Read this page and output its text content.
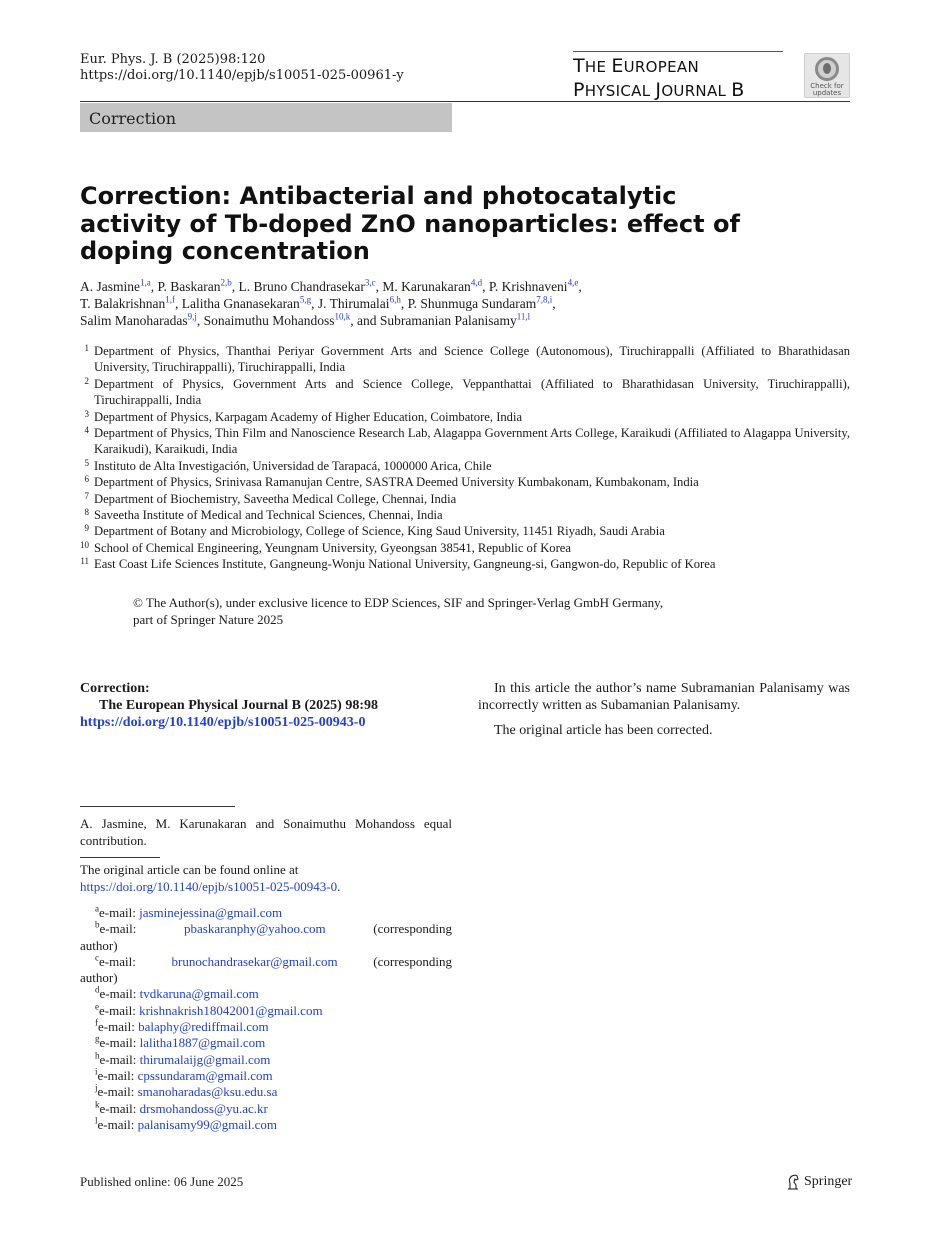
Eur. Phys. J. B (2025)98:120
https://doi.org/10.1140/epjb/s10051-025-00961-y	THE EUROPEAN
PHYSICAL JOURNAL B	Check for
updates
Correction
Correction: Antibacterial and photocatalytic activity of Tb-doped ZnO nanoparticles: effect of doping concentration
A. Jasmine$^{1,a}$, P. Baskaran$^{2,b}$, L. Bruno Chandrasekar$^{3,c}$, M. Karunakaran$^{4,d}$, P. Krishnaveni$^{4,e}$,
T. Balakrishnan$^{1,f}$, Lalitha Gnanasekaran$^{5,g}$, J. Thirumalai$^{6,h}$, P. Shunmuga Sundaram$^{7,8,i}$,
Salim Manoharadas$^{9,j}$, Sonaimuthu Mohandoss$^{10,k}$, and Subramanian Palanisamy$^{11,l}$
1 Department of Physics, Thanthai Periyar Government Arts and Science College (Autonomous), Tiruchirappalli (Affiliated to Bharathidasan University, Tiruchirappalli), Tiruchirappalli, India
2 Department of Physics, Government Arts and Science College, Veppanthattai (Affiliated to Bharathidasan University, Tiruchirappalli), Tiruchirappalli, India
3 Department of Physics, Karpagam Academy of Higher Education, Coimbatore, India
4 Department of Physics, Thin Film and Nanoscience Research Lab, Alagappa Government Arts College, Karaikudi (Affiliated to Alagappa University, Karaikudi), Karaikudi, India
5 Instituto de Alta Investigación, Universidad de Tarapacá, 1000000 Arica, Chile
6 Department of Physics, Srinivasa Ramanujan Centre, SASTRA Deemed University Kumbakonam, Kumbakonam, India
7 Department of Biochemistry, Saveetha Medical College, Chennai, India
8 Saveetha Institute of Medical and Technical Sciences, Chennai, India
9 Department of Botany and Microbiology, College of Science, King Saud University, 11451 Riyadh, Saudi Arabia
10 School of Chemical Engineering, Yeungnam University, Gyeongsan 38541, Republic of Korea
11 East Coast Life Sciences Institute, Gangneung-Wonju National University, Gangneung-si, Gangwon-do, Republic of Korea
© The Author(s), under exclusive licence to EDP Sciences, SIF and Springer-Verlag GmbH Germany,
part of Springer Nature 2025
Correction:
The European Physical Journal B (2025) 98:98
https://doi.org/10.1140/epjb/s10051-025-00943-0

In this article the author’s name Subramanian Palanisamy was incorrectly written as Subamanian Palanisamy.

The original article has been corrected.

A. Jasmine, M. Karunakaran and Sonaimuthu Mohandoss equal contribution.
The original article can be found online at https://doi.org/10.1140/epjb/s10051-025-00943-0.
$^a$e-mail: jasminejessina@gmail.com
$^b$e-mail:	pbaskaranphy@yahoo.com	(corresponding
author)
$^c$e-mail:	brunochandrasekar@gmail.com	(corresponding
author)
$^d$e-mail: tvdkaruna@gmail.com
$^e$e-mail: krishnakrish18042001@gmail.com
$^f$e-mail: balaphy@rediffmail.com
$^g$e-mail: lalitha1887@gmail.com
$^h$e-mail: thirumalaijg@gmail.com
$^i$e-mail: cpssundaram@gmail.com
$^j$e-mail: smanoharadas@ksu.edu.sa
$^k$e-mail: drsmohandoss@yu.ac.kr
$^l$e-mail: palanisamy99@gmail.com
Published online: 06 June 2025	Springer
